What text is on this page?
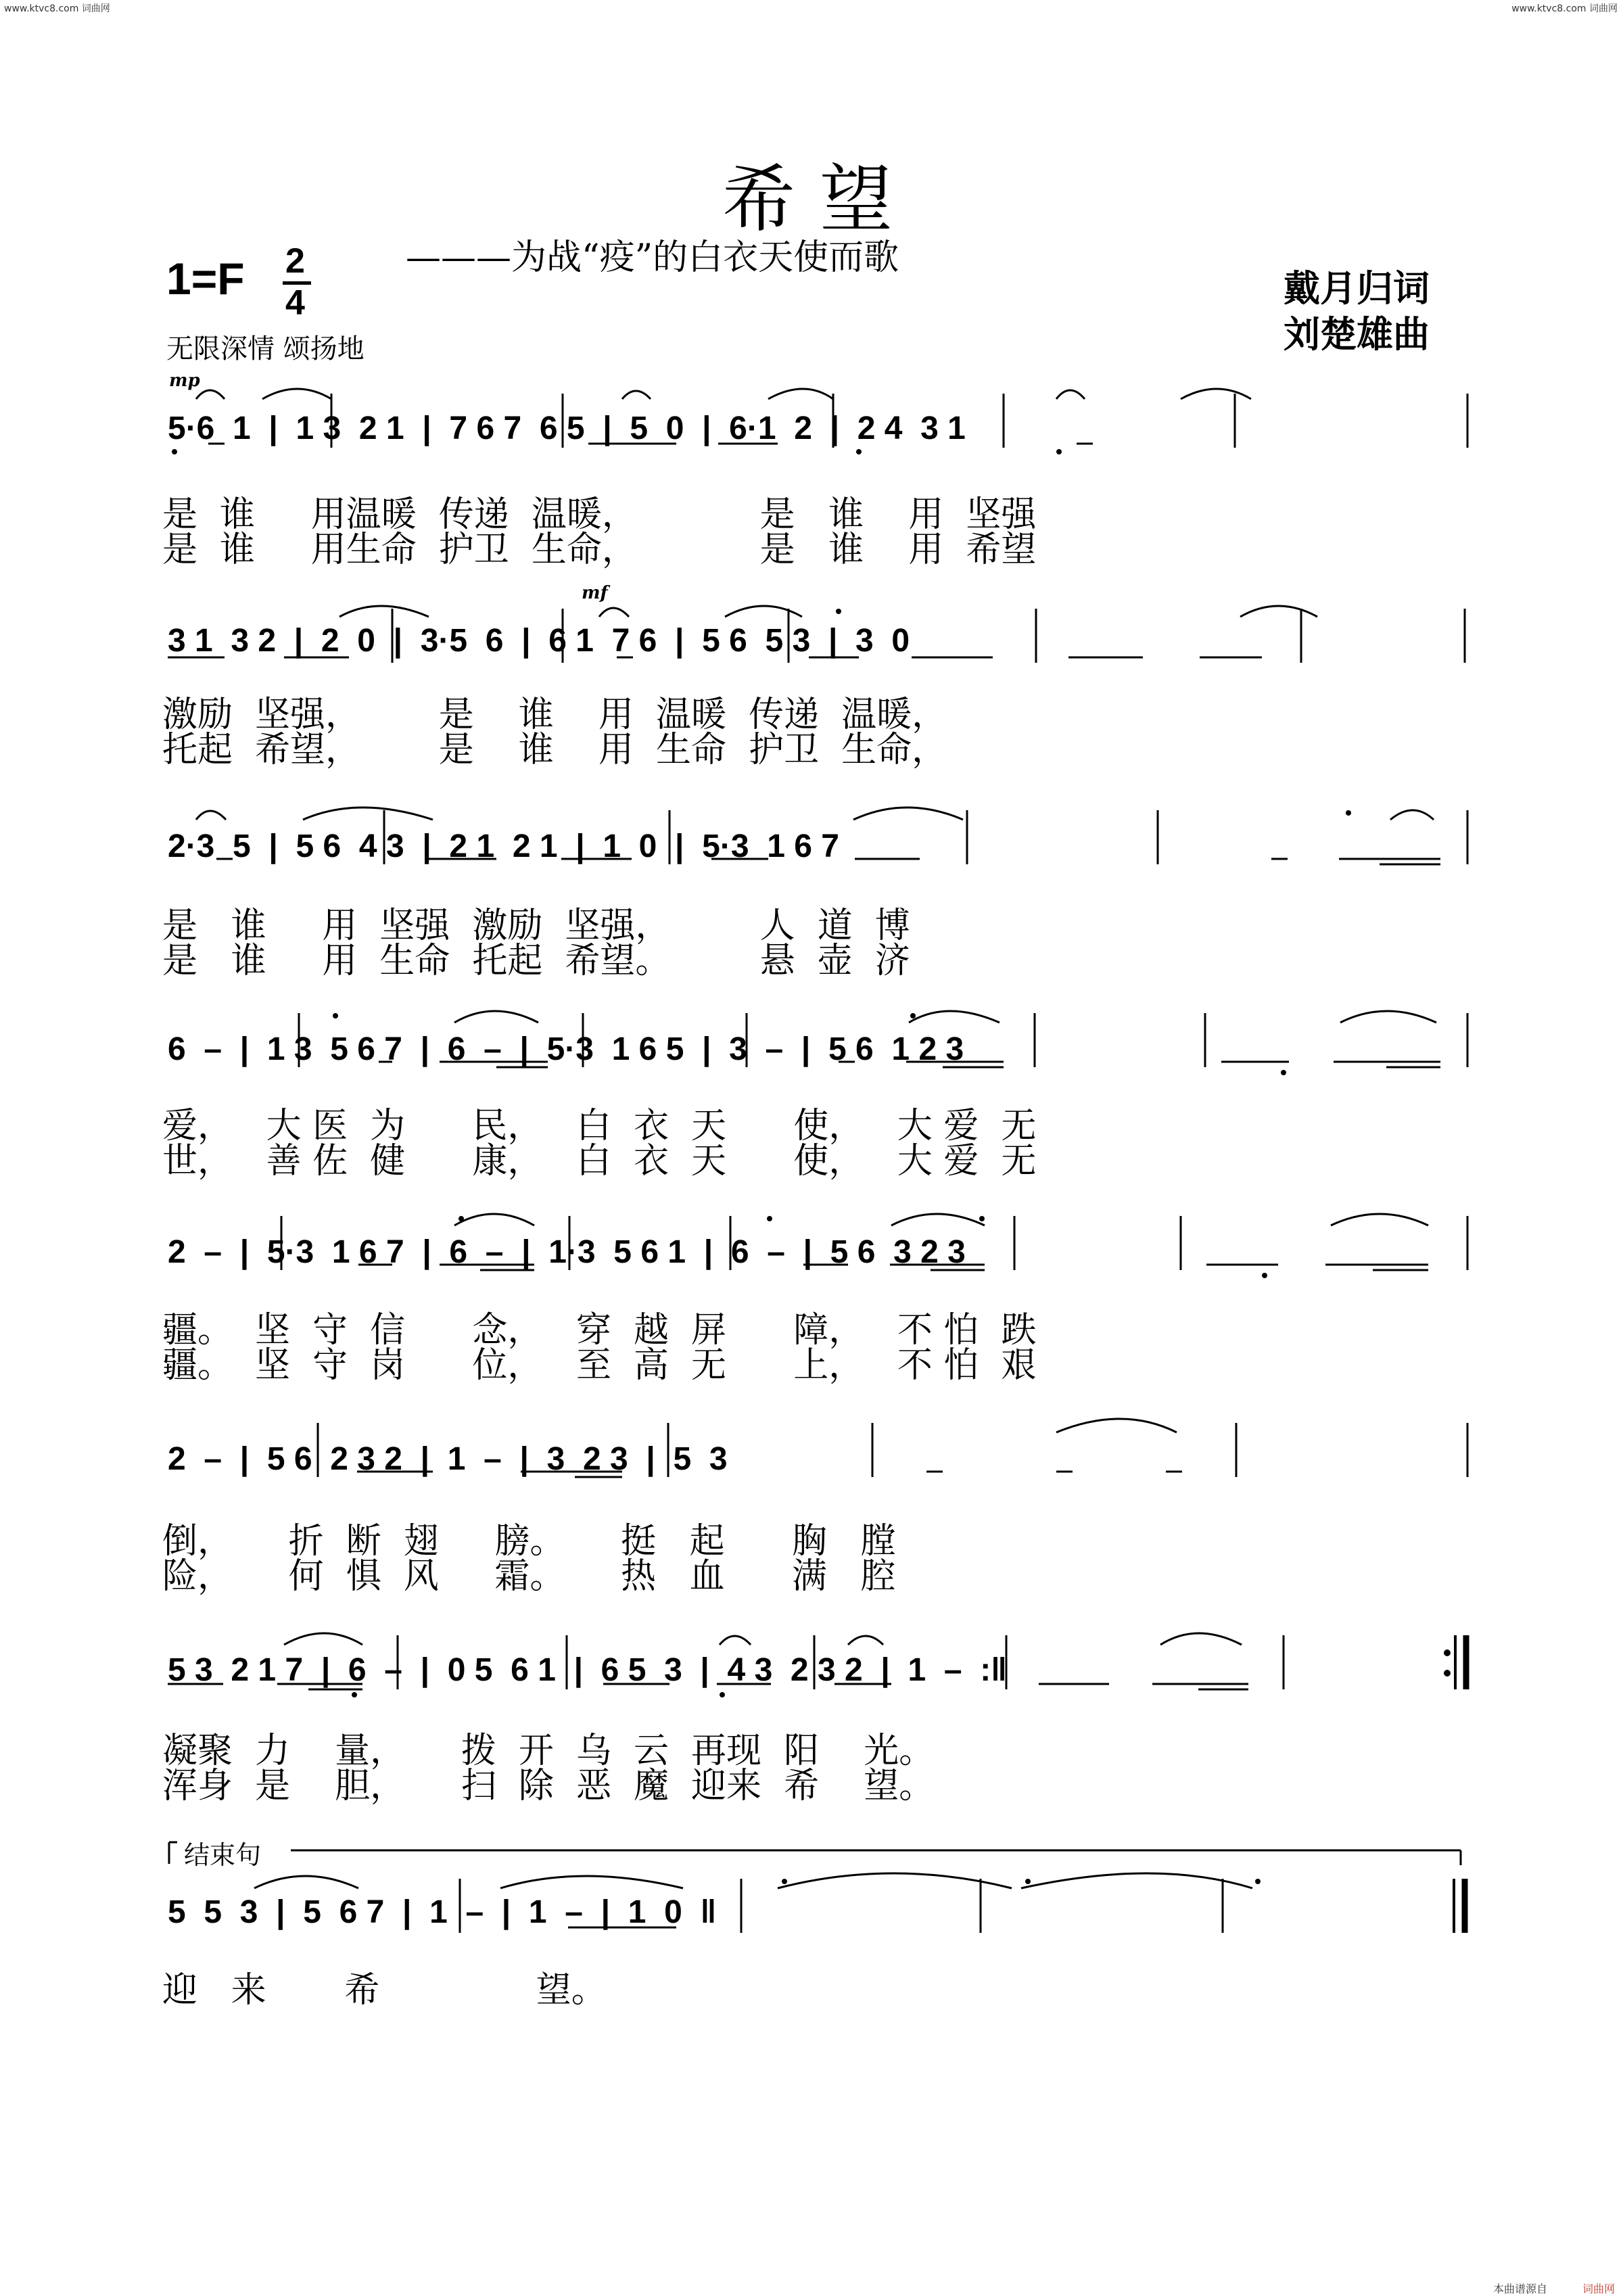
www.ktvc8.com 词曲网	www.ktvc8.com 词曲网
希望
———为战“疫”的白衣天使而歌
1=F 2
4
无限深情 颂扬地
戴月归词
刘楚雄曲
mp
5·6  1  |  1 3  2 1  |  7 6 7  6 5  |  5  0  |  6·1  2  |  2 4  3 1
是  谁     用温暖  传递  温暖，           是   谁    用  坚强
是  谁     用生命  护卫  生命，           是   谁    用  希望
mf
3 1  3 2  |  2  0  |  3·5  6  |  6 1  7 6  |  5 6  5 3  |  3  0
激励  坚强，       是    谁    用  温暖  传递  温暖，
托起  希望，       是    谁    用  生命  护卫  生命，
2·3  5  |  5 6  4 3  |  2 1  2 1  |  1  0  |  5·3  1 6 7
是   谁     用  坚强  激励  坚强，        人  道  博
是   谁     用  生命  托起  希望。        悬  壶  济
6  –  |  1 3  5 6 7  |  6  –  |  5·3  1 6 5  |  3  –  |  5 6  1 2 3
爱，   大 医  为      民，   白  衣  天      使，   大 爱  无
世，   善 佐  健      康，   白  衣  天      使，   大 爱  无
2  –  |  5·3  1 6 7  |  6  –  |  1·3  5 6 1  |  6  –  |  5 6  3 2 3
疆。  坚  守  信      念，   穿  越  屏      障，   不 怕  跌
疆。  坚  守  岗      位，   至  高  无      上，   不 怕  艰
2  –  |  5 6  2 3 2  |  1  –  |  3  2 3  |  5  3
倒，     折  断  翅     膀。     挺   起      胸   膛
险，     何  惧  风     霜。     热   血      满   腔
5 3  2 1 7  |  6  –  |  0 5  6 1  |  6 5  3  |  4 3  2 3 2  |  1  –  :‖
凝聚  力    量，     拨  开  乌  云  再现  阳    光。
浑身  是    胆，     扫  除  恶  魔  迎来  希    望。
结束句
5  5  3  |  5  6 7  |  1  –  |  1  –  |  1  0  ‖
迎   来       希              望。
本曲谱源自	词曲网
